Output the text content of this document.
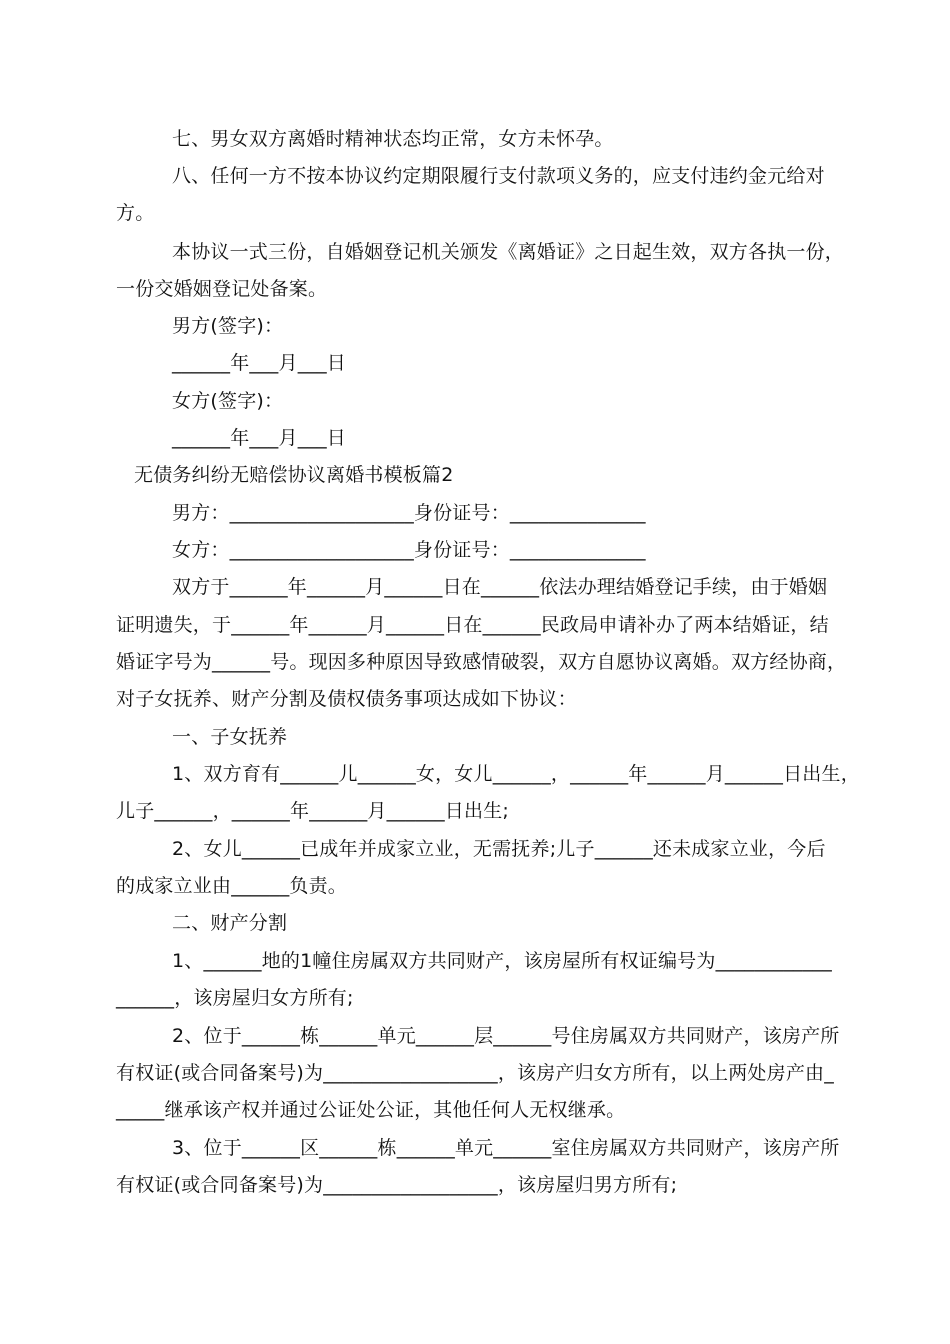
七、男女双方离婚时精神状态均正常，女方未怀孕。
八、任何一方不按本协议约定期限履行支付款项义务的，应支付违约金元给对
方。
本协议一式三份，自婚姻登记机关颁发《离婚证》之日起生效，双方各执一份，
一份交婚姻登记处备案。
男方(签字)：
______年___月___日
女方(签字)：
______年___月___日
无债务纠纷无赔偿协议离婚书模板篇2
男方：___________________身份证号：______________
女方：___________________身份证号：______________
双方于______年______月______日在______依法办理结婚登记手续，由于婚姻
证明遗失，于______年______月______日在______民政局申请补办了两本结婚证，结
婚证字号为______号。现因多种原因导致感情破裂，双方自愿协议离婚。双方经协商，
对子女抚养、财产分割及债权债务事项达成如下协议：
一、子女抚养
1、双方育有______儿______女，女儿______，______年______月______日出生，
儿子______，______年______月______日出生;
2、女儿______已成年并成家立业，无需抚养;儿子______还未成家立业，今后
的成家立业由______负责。
二、财产分割
1、______地的1幢住房属双方共同财产，该房屋所有权证编号为____________
______，该房屋归女方所有;
2、位于______栋______单元______层______号住房属双方共同财产，该房产所
有权证(或合同备案号)为__________________，该房产归女方所有，以上两处房产由_
_____继承该产权并通过公证处公证，其他任何人无权继承。
3、位于______区______栋______单元______室住房属双方共同财产，该房产所
有权证(或合同备案号)为__________________，该房屋归男方所有;
